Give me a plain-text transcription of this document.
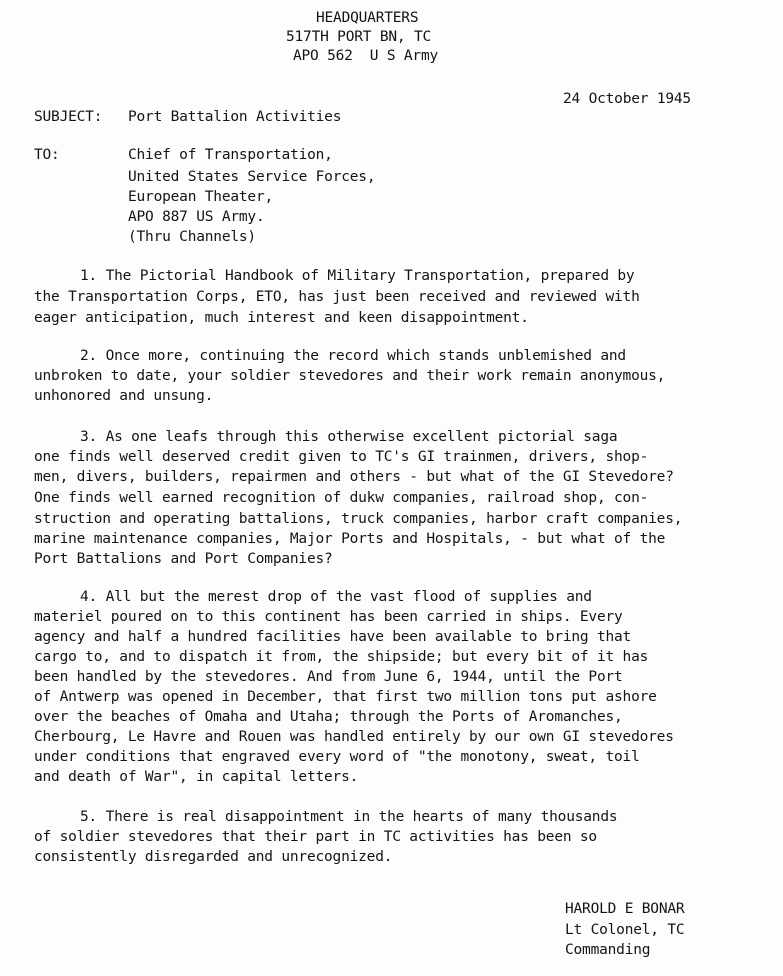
HEADQUARTERS
517TH PORT BN, TC
APO 562  U S Army
24 October 1945
SUBJECT: Port Battalion Activities
TO:	Chief of Transportation,
United States Service Forces,
European Theater,
APO 887 US Army.
(Thru Channels)
1. The Pictorial Handbook of Military Transportation, prepared by
the Transportation Corps, ETO, has just been received and reviewed with
eager anticipation, much interest and keen disappointment.
2. Once more, continuing the record which stands unblemished and
unbroken to date, your soldier stevedores and their work remain anonymous,
unhonored and unsung.
3. As one leafs through this otherwise excellent pictorial saga
one finds well deserved credit given to TC's GI trainmen, drivers, shop-
men, divers, builders, repairmen and others - but what of the GI Stevedore?
One finds well earned recognition of dukw companies, railroad shop, con-
struction and operating battalions, truck companies, harbor craft companies,
marine maintenance companies, Major Ports and Hospitals, - but what of the
Port Battalions and Port Companies?
4. All but the merest drop of the vast flood of supplies and
materiel poured on to this continent has been carried in ships. Every
agency and half a hundred facilities have been available to bring that
cargo to, and to dispatch it from, the shipside; but every bit of it has
been handled by the stevedores. And from June 6, 1944, until the Port
of Antwerp was opened in December, that first two million tons put ashore
over the beaches of Omaha and Utaha; through the Ports of Aromanches,
Cherbourg, Le Havre and Rouen was handled entirely by our own GI stevedores
under conditions that engraved every word of "the monotony, sweat, toil
and death of War", in capital letters.
5. There is real disappointment in the hearts of many thousands
of soldier stevedores that their part in TC activities has been so
consistently disregarded and unrecognized.
HAROLD E BONAR
Lt Colonel, TC
Commanding
